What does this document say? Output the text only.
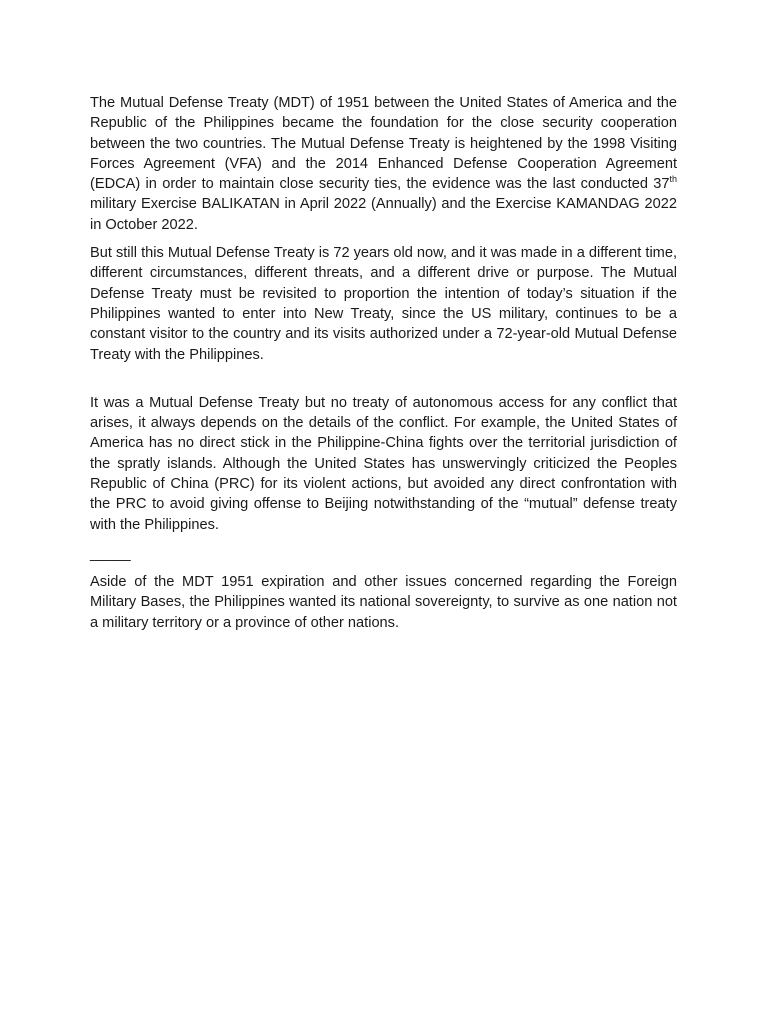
The Mutual Defense Treaty (MDT) of 1951 between the United States of America and the Republic of the Philippines became the foundation for the close security cooperation between the two countries. The Mutual Defense Treaty is heightened by the 1998 Visiting Forces Agreement (VFA) and the 2014 Enhanced Defense Cooperation Agreement (EDCA) in order to maintain close security ties, the evidence was the last conducted 37th military Exercise BALIKATAN in April 2022 (Annually) and the Exercise KAMANDAG 2022 in October 2022.

But still this Mutual Defense Treaty is 72 years old now, and it was made in a different time, different circumstances, different threats, and a different drive or purpose. The Mutual Defense Treaty must be revisited to proportion the intention of today’s situation if the Philippines wanted to enter into New Treaty, since the US military, continues to be a constant visitor to the country and its visits authorized under a 72-year-old Mutual Defense Treaty with the Philippines.

It was a Mutual Defense Treaty but no treaty of autonomous access for any conflict that arises, it always depends on the details of the conflict. For example, the United States of America has no direct stick in the Philippine-China fights over the territorial jurisdiction of the spratly islands. Although the United States has unswervingly criticized the Peoples Republic of China (PRC) for its violent actions, but avoided any direct confrontation with the PRC to avoid giving offense to Beijing notwithstanding of the “mutual” defense treaty with the Philippines.

_____

Aside of the MDT 1951 expiration and other issues concerned regarding the Foreign Military Bases, the Philippines wanted its national sovereignty, to survive as one nation not a military territory or a province of other nations.
